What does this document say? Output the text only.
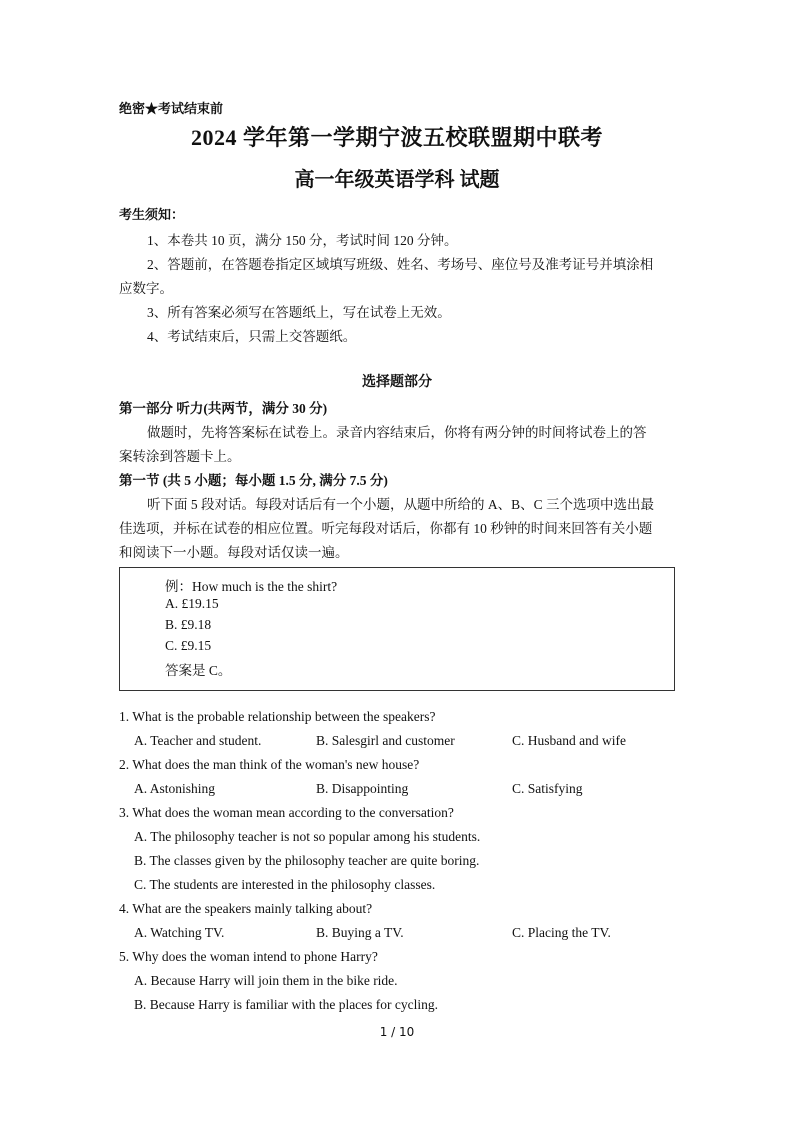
绝密★考试结束前
2024 学年第一学期宁波五校联盟期中联考
高一年级英语学科 试题
考生须知：
1、本卷共 10 页，满分 150 分，考试时间 120 分钟。
2、答题前，在答题卷指定区域填写班级、姓名、考场号、座位号及准考证号并填涂相
应数字。
3、所有答案必须写在答题纸上，写在试卷上无效。
4、考试结束后，只需上交答题纸。
选择题部分
第一部分 听力(共两节，满分 30 分)
做题时，先将答案标在试卷上。录音内容结束后，你将有两分钟的时间将试卷上的答
案转涂到答题卡上。
第一节 (共 5 小题；每小题 1.5 分, 满分 7.5 分)
听下面 5 段对话。每段对话后有一个小题，从题中所给的 A、B、C 三个选项中选出最
佳选项，并标在试卷的相应位置。听完每段对话后，你都有 10 秒钟的时间来回答有关小题
和阅读下一小题。每段对话仅读一遍。
例：How much is the the shirt?
A. £19.15
B. £9.18
C. £9.15
答案是 C。
1. What is the probable relationship between the speakers?
A. Teacher and student.	B. Salesgirl and customer	C. Husband and wife
2. What does the man think of the woman's new house?
A. Astonishing	B. Disappointing	C. Satisfying
3. What does the woman mean according to the conversation?
A. The philosophy teacher is not so popular among his students.
B. The classes given by the philosophy teacher are quite boring.
C. The students are interested in the philosophy classes.
4. What are the speakers mainly talking about?
A. Watching TV.	B. Buying a TV.	C. Placing the TV.
5. Why does the woman intend to phone Harry?
A. Because Harry will join them in the bike ride.
B. Because Harry is familiar with the places for cycling.
1 / 10
